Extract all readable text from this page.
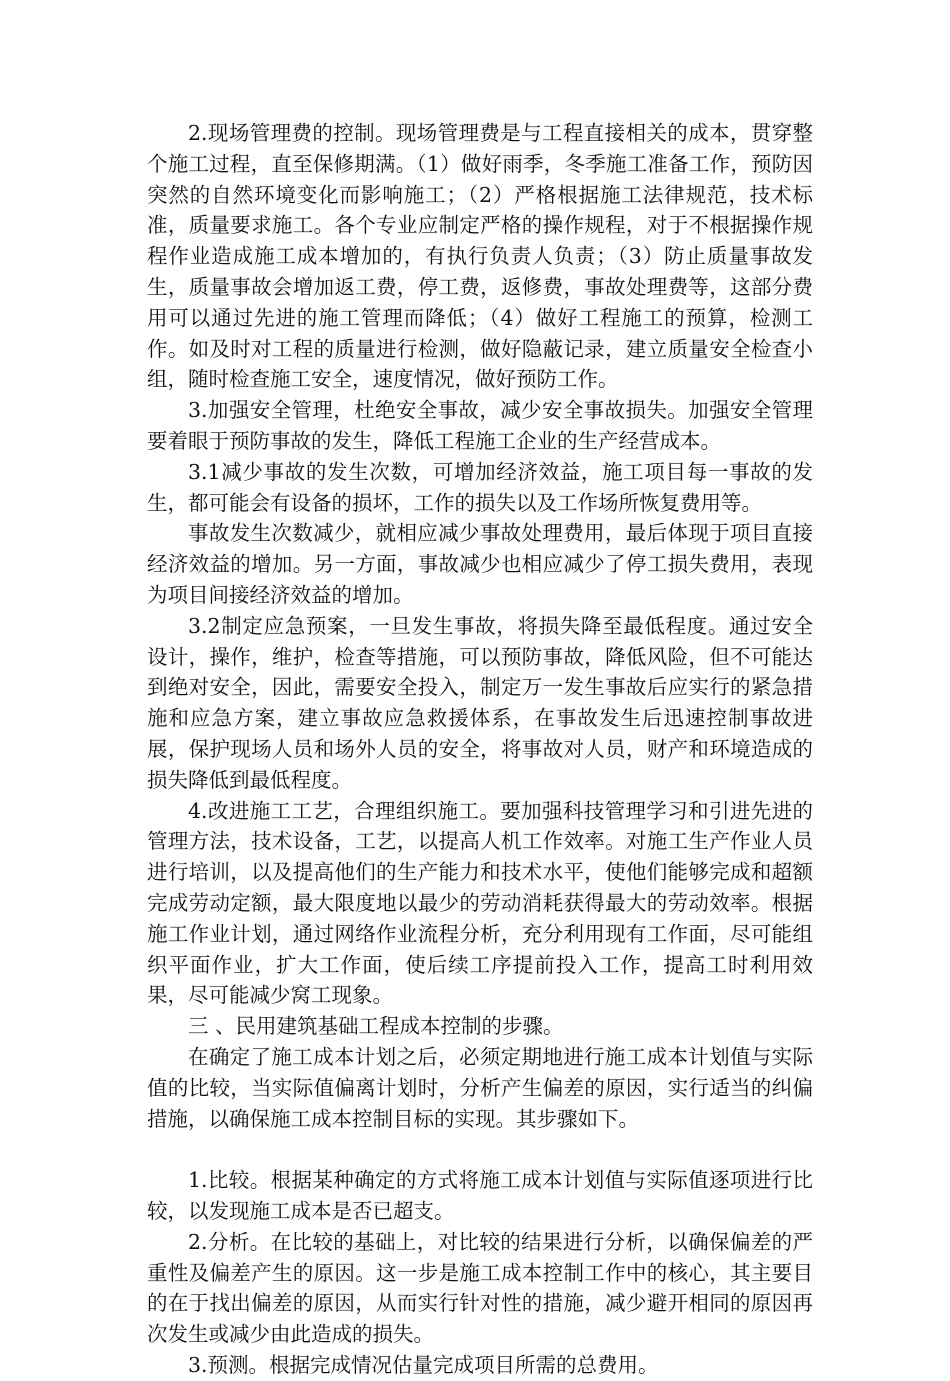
2.现场管理费的控制。现场管理费是与工程直接相关的成本，贯穿整个施工过程，直至保修期满。（1）做好雨季，冬季施工准备工作，预防因突然的自然环境变化而影响施工；（2）严格根据施工法律规范，技术标准，质量要求施工。各个专业应制定严格的操作规程，对于不根据操作规程作业造成施工成本增加的，有执行负责人负责；（3）防止质量事故发生，质量事故会增加返工费，停工费，返修费，事故处理费等，这部分费用可以通过先进的施工管理而降低；（4）做好工程施工的预算，检测工作。如及时对工程的质量进行检测，做好隐蔽记录，建立质量安全检查小组，随时检查施工安全，速度情况，做好预防工作。

3.加强安全管理，杜绝安全事故，减少安全事故损失。加强安全管理要着眼于预防事故的发生，降低工程施工企业的生产经营成本。

3.1减少事故的发生次数，可增加经济效益，施工项目每一事故的发生，都可能会有设备的损坏，工作的损失以及工作场所恢复费用等。

事故发生次数减少，就相应减少事故处理费用，最后体现于项目直接经济效益的增加。另一方面，事故减少也相应减少了停工损失费用，表现为项目间接经济效益的增加。

3.2制定应急预案，一旦发生事故，将损失降至最低程度。通过安全设计，操作，维护，检查等措施，可以预防事故，降低风险，但不可能达到绝对安全，因此，需要安全投入，制定万一发生事故后应实行的紧急措施和应急方案，建立事故应急救援体系，在事故发生后迅速控制事故进展，保护现场人员和场外人员的安全，将事故对人员，财产和环境造成的损失降低到最低程度。

4.改进施工工艺，合理组织施工。要加强科技管理学习和引进先进的管理方法，技术设备，工艺，以提高人机工作效率。对施工生产作业人员进行培训，以及提高他们的生产能力和技术水平，使他们能够完成和超额完成劳动定额，最大限度地以最少的劳动消耗获得最大的劳动效率。根据施工作业计划，通过网络作业流程分析，充分利用现有工作面，尽可能组织平面作业，扩大工作面，使后续工序提前投入工作，提高工时利用效果，尽可能减少窝工现象。

三 、民用建筑基础工程成本控制的步骤。

在确定了施工成本计划之后，必须定期地进行施工成本计划值与实际值的比较，当实际值偏离计划时，分析产生偏差的原因，实行适当的纠偏措施，以确保施工成本控制目标的实现。其步骤如下。

1.比较。根据某种确定的方式将施工成本计划值与实际值逐项进行比较，以发现施工成本是否已超支。

2.分析。在比较的基础上，对比较的结果进行分析，以确保偏差的严重性及偏差产生的原因。这一步是施工成本控制工作中的核心，其主要目的在于找出偏差的原因，从而实行针对性的措施，减少避开相同的原因再次发生或减少由此造成的损失。

3.预测。根据完成情况估量完成项目所需的总费用。
